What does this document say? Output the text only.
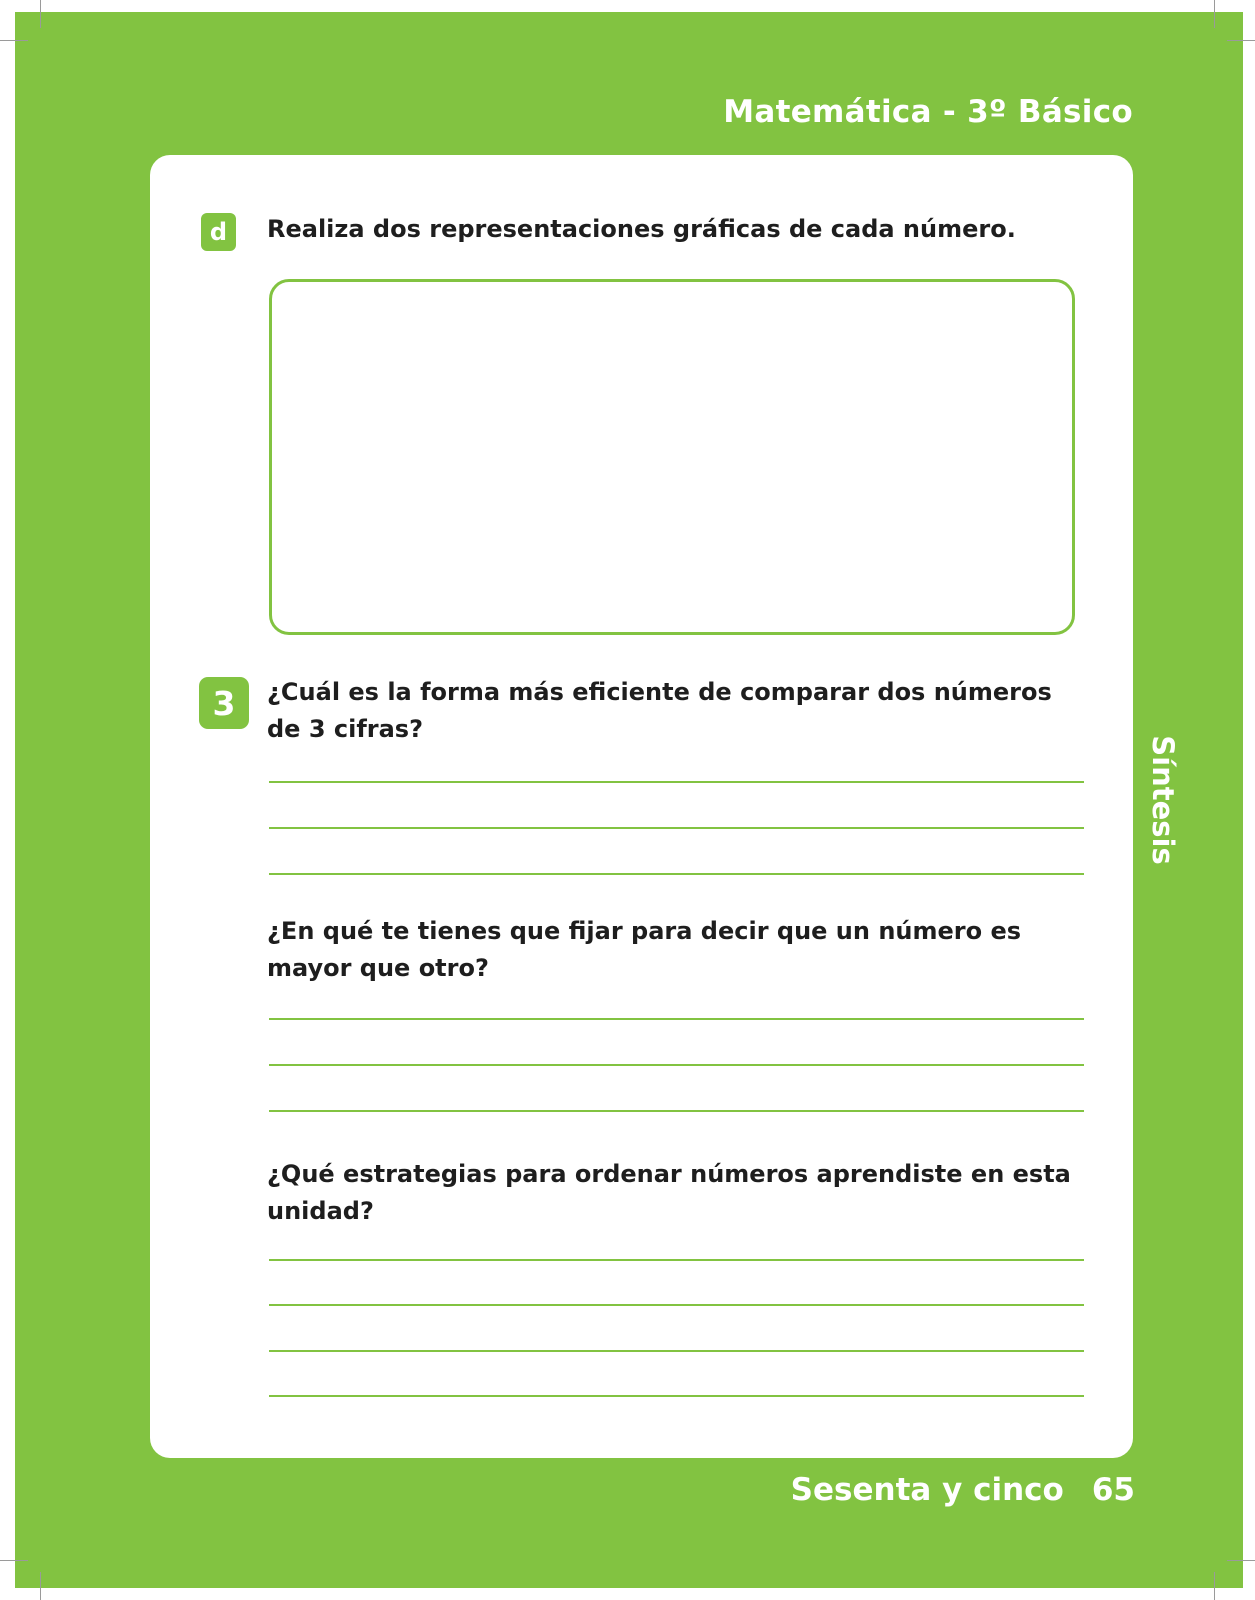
Matemática - 3º Básico
Síntesis
d	Realiza dos representaciones gráficas de cada número.

3	¿Cuál es la forma más eficiente de comparar dos números de 3 cifras?

¿En qué te tienes que fijar para decir que un número es mayor que otro?

¿Qué estrategias para ordenar números aprendiste en esta unidad?

Sesenta y cinco 65
